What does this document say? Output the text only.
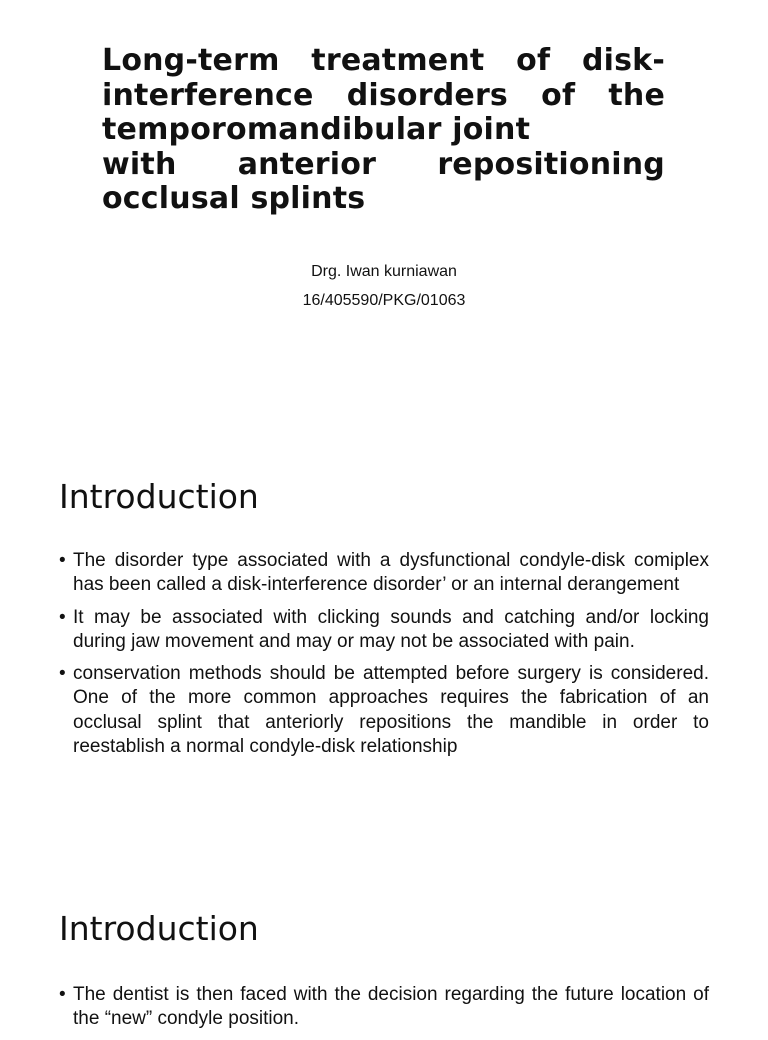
Long-term treatment of disk-interference disorders of the temporomandibular joint
with anterior repositioning occlusal splints
Drg. Iwan kurniawan
16/405590/PKG/01063
Introduction
• The disorder type associated with a dysfunctional condyle-disk comiplex has been called a disk-interference disorder’ or an internal derangement
• It may be associated with clicking sounds and catching and/or locking during jaw movement and may or may not be associated with pain.
• conservation methods should be attempted before surgery is considered. One of the more common approaches requires the fabrication of an occlusal splint that anteriorly repositions the mandible in order to reestablish a normal condyle-disk relationship
Introduction
• The dentist is then faced with the decision regarding the future location of the “new” condyle position.
